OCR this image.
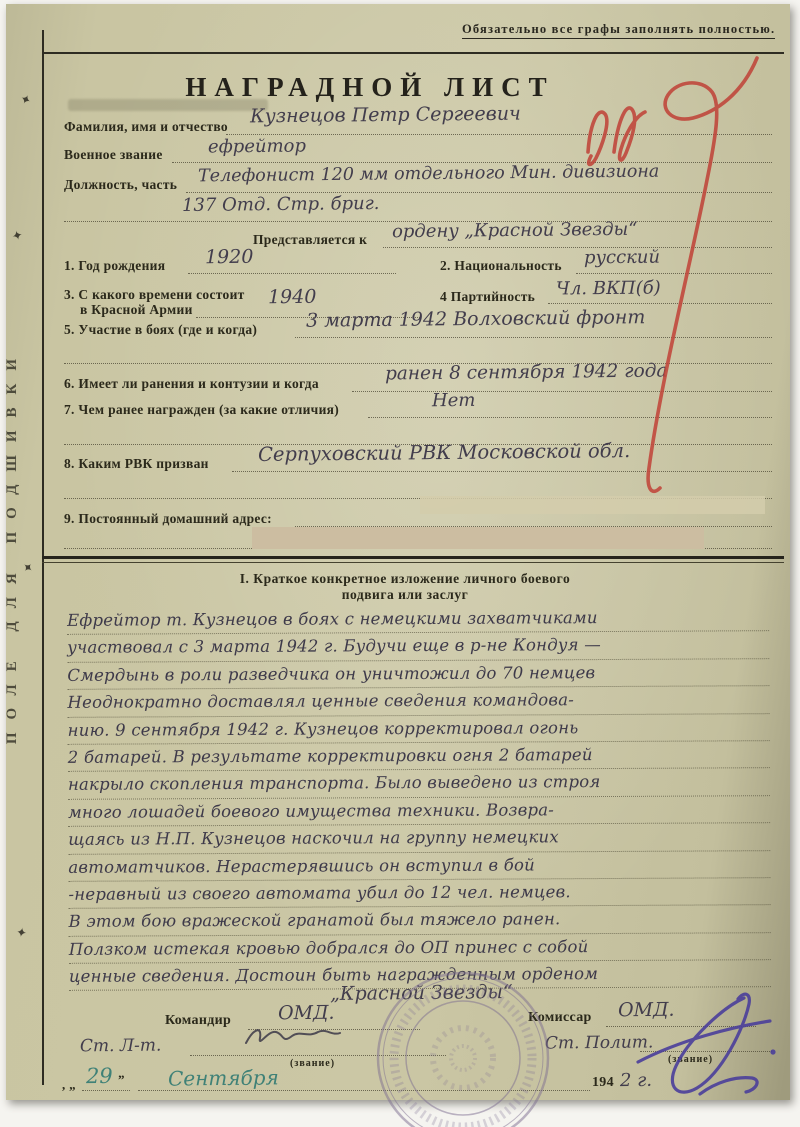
ПОЛЕ ДЛЯ ПОДШИВКИ
✦
✦
✦
✦
Обязательно все графы заполнять полностью.
НАГРАДНОЙ ЛИСТ
Фамилия, имя и отчество Кузнецов Петр Сергеевич
Военное звание	ефрейтор
Должность, часть Телефонист 120 мм отдельного Мин. дивизиона
137 Отд. Стр. бриг.
Представляется к ордену „Красной Звезды“
1. Год рождения 1920	2. Национальность русский
3. С какого времени состоит
в Красной Армии
1940	4 Партийность Чл. ВКП(б)
5. Участие в боях (где и когда)	3 марта 1942 Волховский фронт
6. Имеет ли ранения и контузии и когда	ранен 8 сентября 1942 года
7. Чем ранее награжден (за какие отличия)	Нет
8. Каким РВК призван	Серпуховский РВК Московской обл.
9. Постоянный домашний адрес:
I. Краткое конкретное изложение личного боевого
подвига или заслуг
Ефрейтор т. Кузнецов в боях с немецкими захватчиками
участвовал с 3 марта 1942 г. Будучи еще в р-не Кондуя —
Смердынь в роли разведчика он уничтожил до 70 немцев
Неоднократно доставлял ценные сведения командова-
нию. 9 сентября 1942 г. Кузнецов корректировал огонь
2 батарей. В результате корректировки огня 2 батарей
накрыло скопления транспорта. Было выведено из строя
много лошадей боевого имущества техники. Возвра-
щаясь из Н.П. Кузнецов наскочил на группу немецких
автоматчиков. Нерастерявшись он вступил в бой
-неравный из своего автомата убил до 12 чел. немцев.
В этом бою вражеской гранатой был тяжело ранен.
Ползком истекая кровью добрался до ОП принес с собой
ценные сведения. Достоин быть награжденным орденом
„Красной Звезды“
Командир ОМД.	Комиссар ОМД.
Ст. Л-т.
(звание)
Ст. Полит.
(звание)
, „ 29 ” Сентября	194 2 г.
